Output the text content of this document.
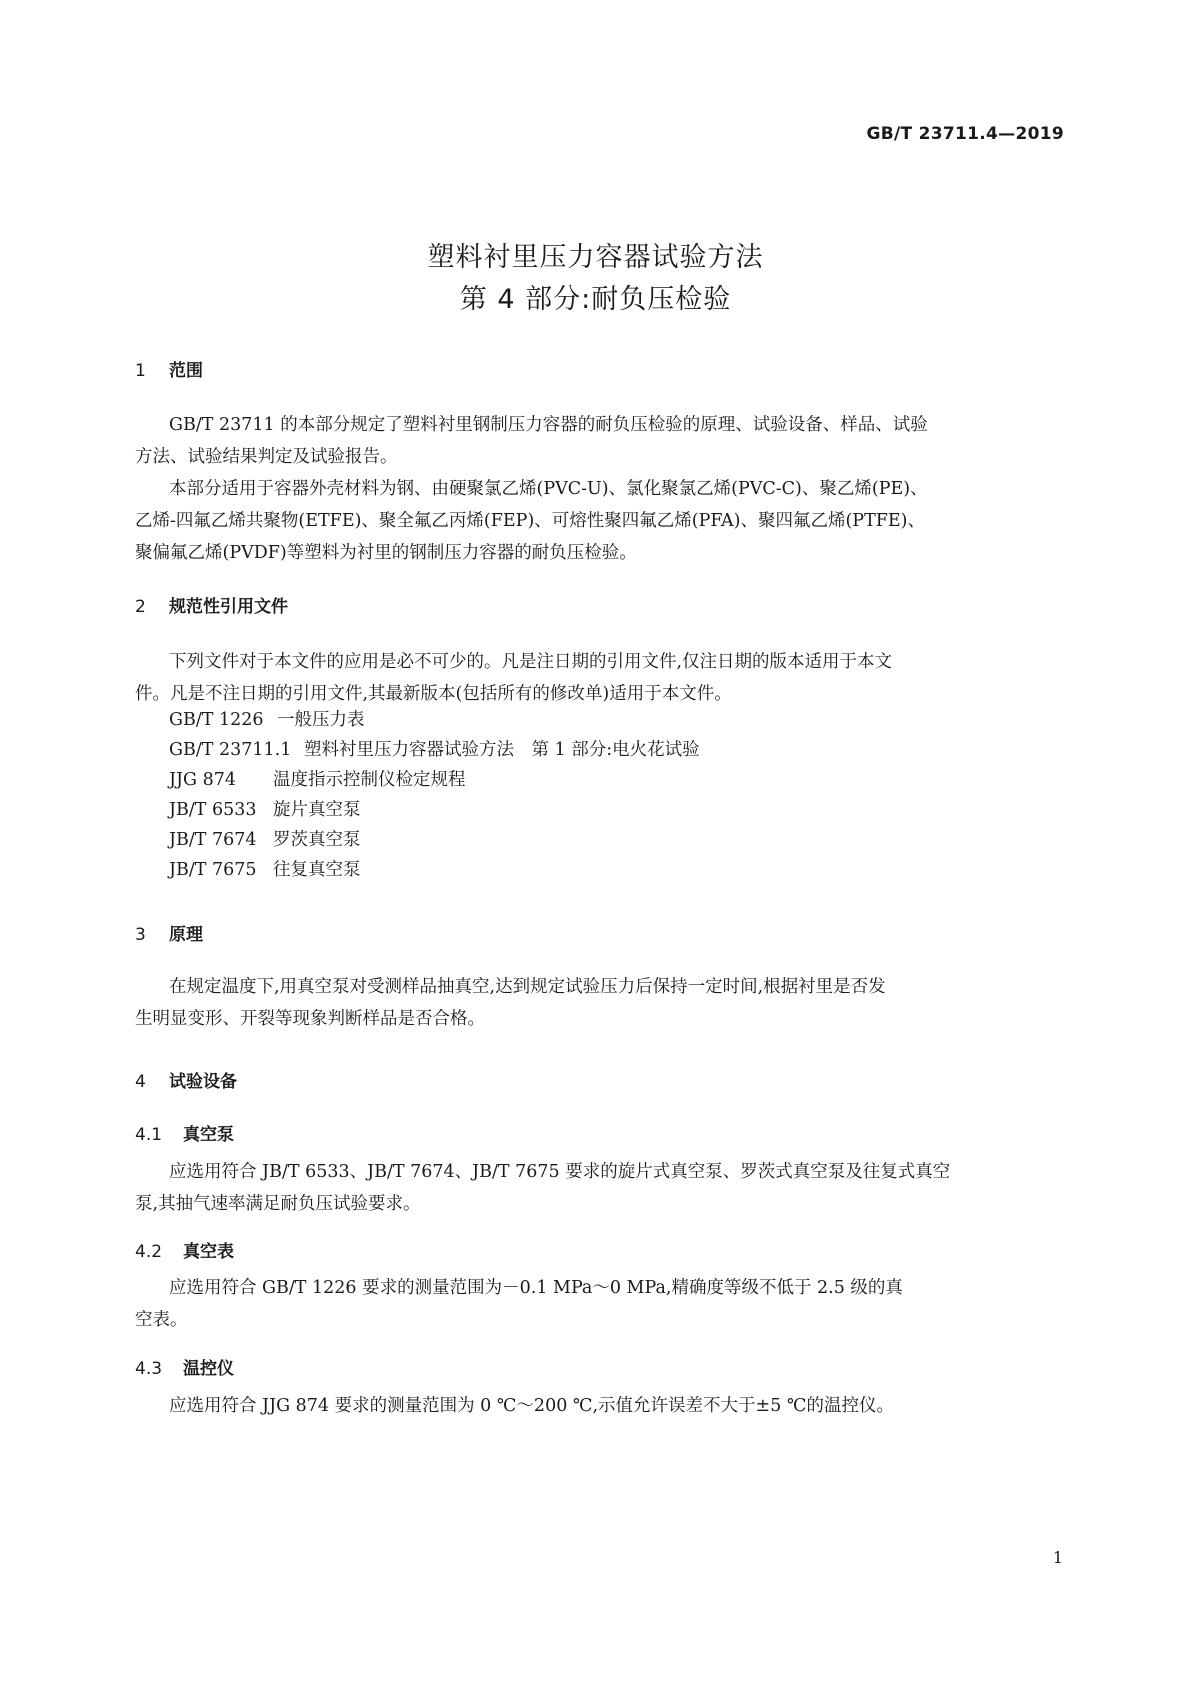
GB/T 23711.4—2019
塑料衬里压力容器试验方法
第 4 部分:耐负压检验
1 范围
GB/T 23711 的本部分规定了塑料衬里钢制压力容器的耐负压检验的原理、试验设备、样品、试验
方法、试验结果判定及试验报告。
本部分适用于容器外壳材料为钢、由硬聚氯乙烯(PVC-U)、氯化聚氯乙烯(PVC-C)、聚乙烯(PE)、
乙烯-四氟乙烯共聚物(ETFE)、聚全氟乙丙烯(FEP)、可熔性聚四氟乙烯(PFA)、聚四氟乙烯(PTFE)、
聚偏氟乙烯(PVDF)等塑料为衬里的钢制压力容器的耐负压检验。
2 规范性引用文件
下列文件对于本文件的应用是必不可少的。凡是注日期的引用文件,仅注日期的版本适用于本文
件。凡是不注日期的引用文件,其最新版本(包括所有的修改单)适用于本文件。
GB/T 1226 一般压力表
GB/T 23711.1 塑料衬里压力容器试验方法　第 1 部分:电火花试验
JJG 874 温度指示控制仪检定规程
JB/T 6533 旋片真空泵
JB/T 7674 罗茨真空泵
JB/T 7675 往复真空泵
3 原理
在规定温度下,用真空泵对受测样品抽真空,达到规定试验压力后保持一定时间,根据衬里是否发
生明显变形、开裂等现象判断样品是否合格。
4 试验设备
4.1 真空泵
应选用符合 JB/T 6533、JB/T 7674、JB/T 7675 要求的旋片式真空泵、罗茨式真空泵及往复式真空
泵,其抽气速率满足耐负压试验要求。
4.2 真空表
应选用符合 GB/T 1226 要求的测量范围为－0.1 MPa～0 MPa,精确度等级不低于 2.5 级的真
空表。
4.3 温控仪
应选用符合 JJG 874 要求的测量范围为 0 ℃～200 ℃,示值允许误差不大于±5 ℃的温控仪。
1
